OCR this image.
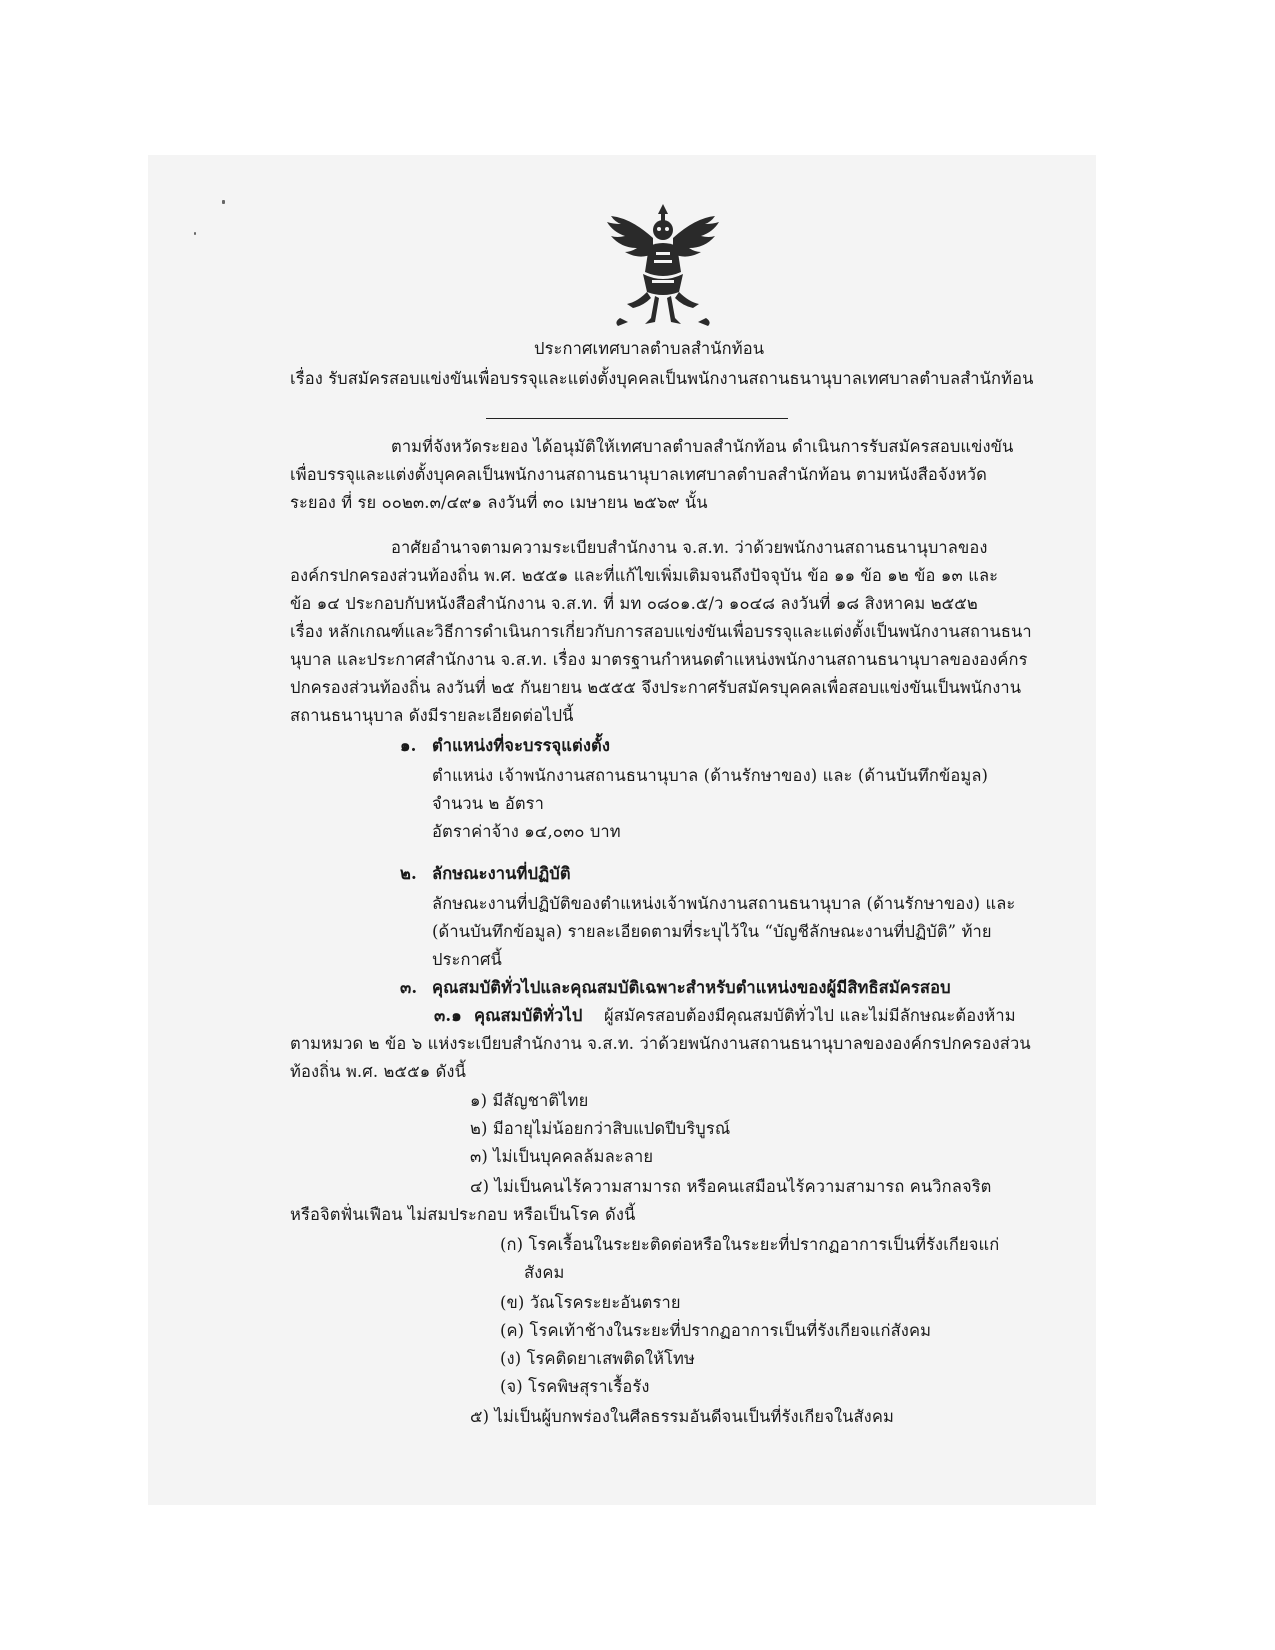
ประกาศเทศบาลตำบลสำนักท้อน
เรื่อง รับสมัครสอบแข่งขันเพื่อบรรจุและแต่งตั้งบุคคลเป็นพนักงานสถานธนานุบาลเทศบาลตำบลสำนักท้อน
ตามที่จังหวัดระยอง ได้อนุมัติให้เทศบาลตำบลสำนักท้อน ดำเนินการรับสมัครสอบแข่งขัน
เพื่อบรรจุและแต่งตั้งบุคคลเป็นพนักงานสถานธนานุบาลเทศบาลตำบลสำนักท้อน ตามหนังสือจังหวัด
ระยอง ที่ รย ๐๐๒๓.๓/๔๙๑ ลงวันที่ ๓๐ เมษายน ๒๕๖๙ นั้น
อาศัยอำนาจตามความระเบียบสำนักงาน จ.ส.ท. ว่าด้วยพนักงานสถานธนานุบาลของ
องค์กรปกครองส่วนท้องถิ่น พ.ศ. ๒๕๕๑ และที่แก้ไขเพิ่มเติมจนถึงปัจจุบัน ข้อ ๑๑ ข้อ ๑๒ ข้อ ๑๓ และ
ข้อ ๑๔ ประกอบกับหนังสือสำนักงาน จ.ส.ท. ที่ มท ๐๘๐๑.๕/ว ๑๐๔๘ ลงวันที่ ๑๘ สิงหาคม ๒๕๕๒
เรื่อง หลักเกณฑ์และวิธีการดำเนินการเกี่ยวกับการสอบแข่งขันเพื่อบรรจุและแต่งตั้งเป็นพนักงานสถานธนา
นุบาล และประกาศสำนักงาน จ.ส.ท. เรื่อง มาตรฐานกำหนดตำแหน่งพนักงานสถานธนานุบาลขององค์กร
ปกครองส่วนท้องถิ่น ลงวันที่ ๒๕ กันยายน ๒๕๕๕ จึงประกาศรับสมัครบุคคลเพื่อสอบแข่งขันเป็นพนักงาน
สถานธนานุบาล ดังมีรายละเอียดต่อไปนี้
๑. ตำแหน่งที่จะบรรจุแต่งตั้ง
ตำแหน่ง เจ้าพนักงานสถานธนานุบาล (ด้านรักษาของ) และ (ด้านบันทึกข้อมูล)
จำนวน ๒ อัตรา
อัตราค่าจ้าง ๑๔,๐๓๐ บาท
๒. ลักษณะงานที่ปฏิบัติ
ลักษณะงานที่ปฏิบัติของตำแหน่งเจ้าพนักงานสถานธนานุบาล (ด้านรักษาของ) และ
(ด้านบันทึกข้อมูล) รายละเอียดตามที่ระบุไว้ใน “บัญชีลักษณะงานที่ปฏิบัติ” ท้าย
ประกาศนี้
๓. คุณสมบัติทั่วไปและคุณสมบัติเฉพาะสำหรับตำแหน่งของผู้มีสิทธิสมัครสอบ
๓.๑ คุณสมบัติทั่วไป ผู้สมัครสอบต้องมีคุณสมบัติทั่วไป และไม่มีลักษณะต้องห้าม
ตามหมวด ๒ ข้อ ๖ แห่งระเบียบสำนักงาน จ.ส.ท. ว่าด้วยพนักงานสถานธนานุบาลขององค์กรปกครองส่วน
ท้องถิ่น พ.ศ. ๒๕๕๑ ดังนี้
๑) มีสัญชาติไทย
๒) มีอายุไม่น้อยกว่าสิบแปดปีบริบูรณ์
๓) ไม่เป็นบุคคลล้มละลาย
๔) ไม่เป็นคนไร้ความสามารถ หรือคนเสมือนไร้ความสามารถ คนวิกลจริต
หรือจิตฟั่นเฟือน ไม่สมประกอบ หรือเป็นโรค ดังนี้
(ก) โรคเรื้อนในระยะติดต่อหรือในระยะที่ปรากฏอาการเป็นที่รังเกียจแก่
สังคม
(ข) วัณโรคระยะอันตราย
(ค) โรคเท้าช้างในระยะที่ปรากฏอาการเป็นที่รังเกียจแก่สังคม
(ง) โรคติดยาเสพติดให้โทษ
(จ) โรคพิษสุราเรื้อรัง
๕) ไม่เป็นผู้บกพร่องในศีลธรรมอันดีจนเป็นที่รังเกียจในสังคม
